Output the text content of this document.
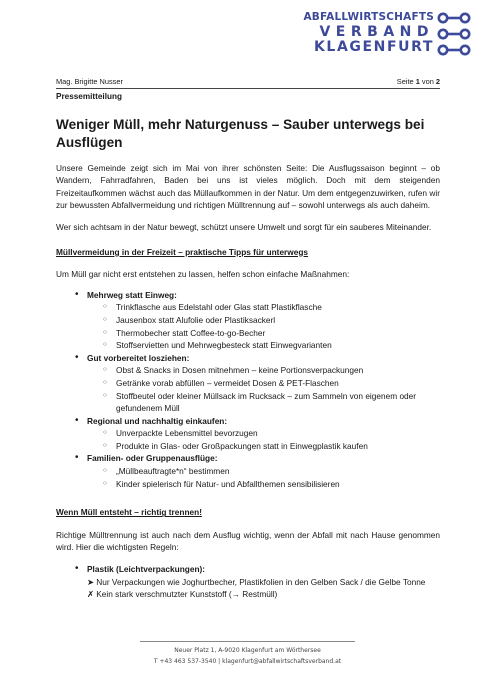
ABFALLWIRTSCHAFTS
VERBAND
KLAGENFURT
Mag. Brigitte Nusser	Seite 1 von 2
Pressemitteilung
Weniger Müll, mehr Naturgenuss – Sauber unterwegs bei Ausflügen

Unsere Gemeinde zeigt sich im Mai von ihrer schönsten Seite: Die Ausflugssaison beginnt – ob Wandern, Fahrradfahren, Baden bei uns ist vieles möglich. Doch mit dem steigenden Freizeitaufkommen wächst auch das Müllaufkommen in der Natur. Um dem entgegenzuwirken, rufen wir zur bewussten Abfallvermeidung und richtigen Mülltrennung auf – sowohl unterwegs als auch daheim.

Wer sich achtsam in der Natur bewegt, schützt unsere Umwelt und sorgt für ein sauberes Miteinander.

Müllvermeidung in der Freizeit – praktische Tipps für unterwegs
Um Müll gar nicht erst entstehen zu lassen, helfen schon einfache Maßnahmen:
• Mehrweg statt Einweg:
○ Trinkflasche aus Edelstahl oder Glas statt Plastikflasche
○ Jausenbox statt Alufolie oder Plastiksackerl
○ Thermobecher statt Coffee-to-go-Becher
○ Stoffservietten und Mehrwegbesteck statt Einwegvarianten
• Gut vorbereitet losziehen:
○ Obst & Snacks in Dosen mitnehmen – keine Portionsverpackungen
○ Getränke vorab abfüllen – vermeidet Dosen & PET-Flaschen
○ Stoffbeutel oder kleiner Müllsack im Rucksack – zum Sammeln von eigenem oder gefundenem Müll
• Regional und nachhaltig einkaufen:
○ Unverpackte Lebensmittel bevorzugen
○ Produkte in Glas- oder Großpackungen statt in Einwegplastik kaufen
• Familien- oder Gruppenausflüge:
○ „Müllbeauftragte*n“ bestimmen
○ Kinder spielerisch für Natur- und Abfallthemen sensibilisieren
Wenn Müll entsteht – richtig trennen!

Richtige Mülltrennung ist auch nach dem Ausflug wichtig, wenn der Abfall mit nach Hause genommen wird. Hier die wichtigsten Regeln:

• Plastik (Leichtverpackungen):
➤ Nur Verpackungen wie Joghurtbecher, Plastikfolien in den Gelben Sack / die Gelbe Tonne
✗ Kein stark verschmutzter Kunststoff (→ Restmüll)
Neuer Platz 1, A-9020 Klagenfurt am Wörthersee
T +43 463 537-3540 | klagenfurt@abfallwirtschaftsverband.at
